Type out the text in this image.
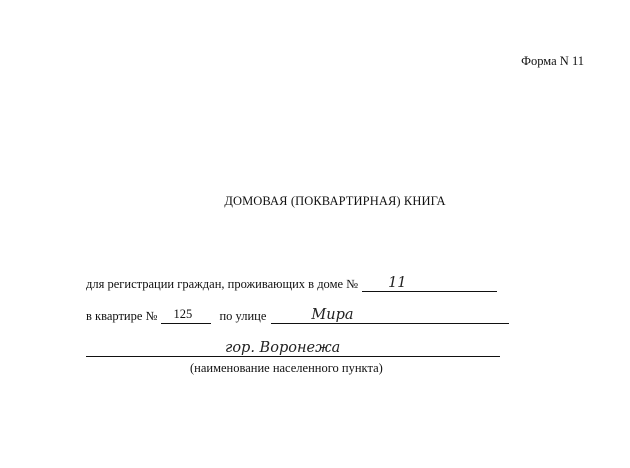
Форма N 11
ДОМОВАЯ (ПОКВАРТИРНАЯ) КНИГА
для регистрации граждан, проживающих в доме № 11
в квартире № 125 по улице	Мира
гор. Воронежа
(наименование населенного пункта)
